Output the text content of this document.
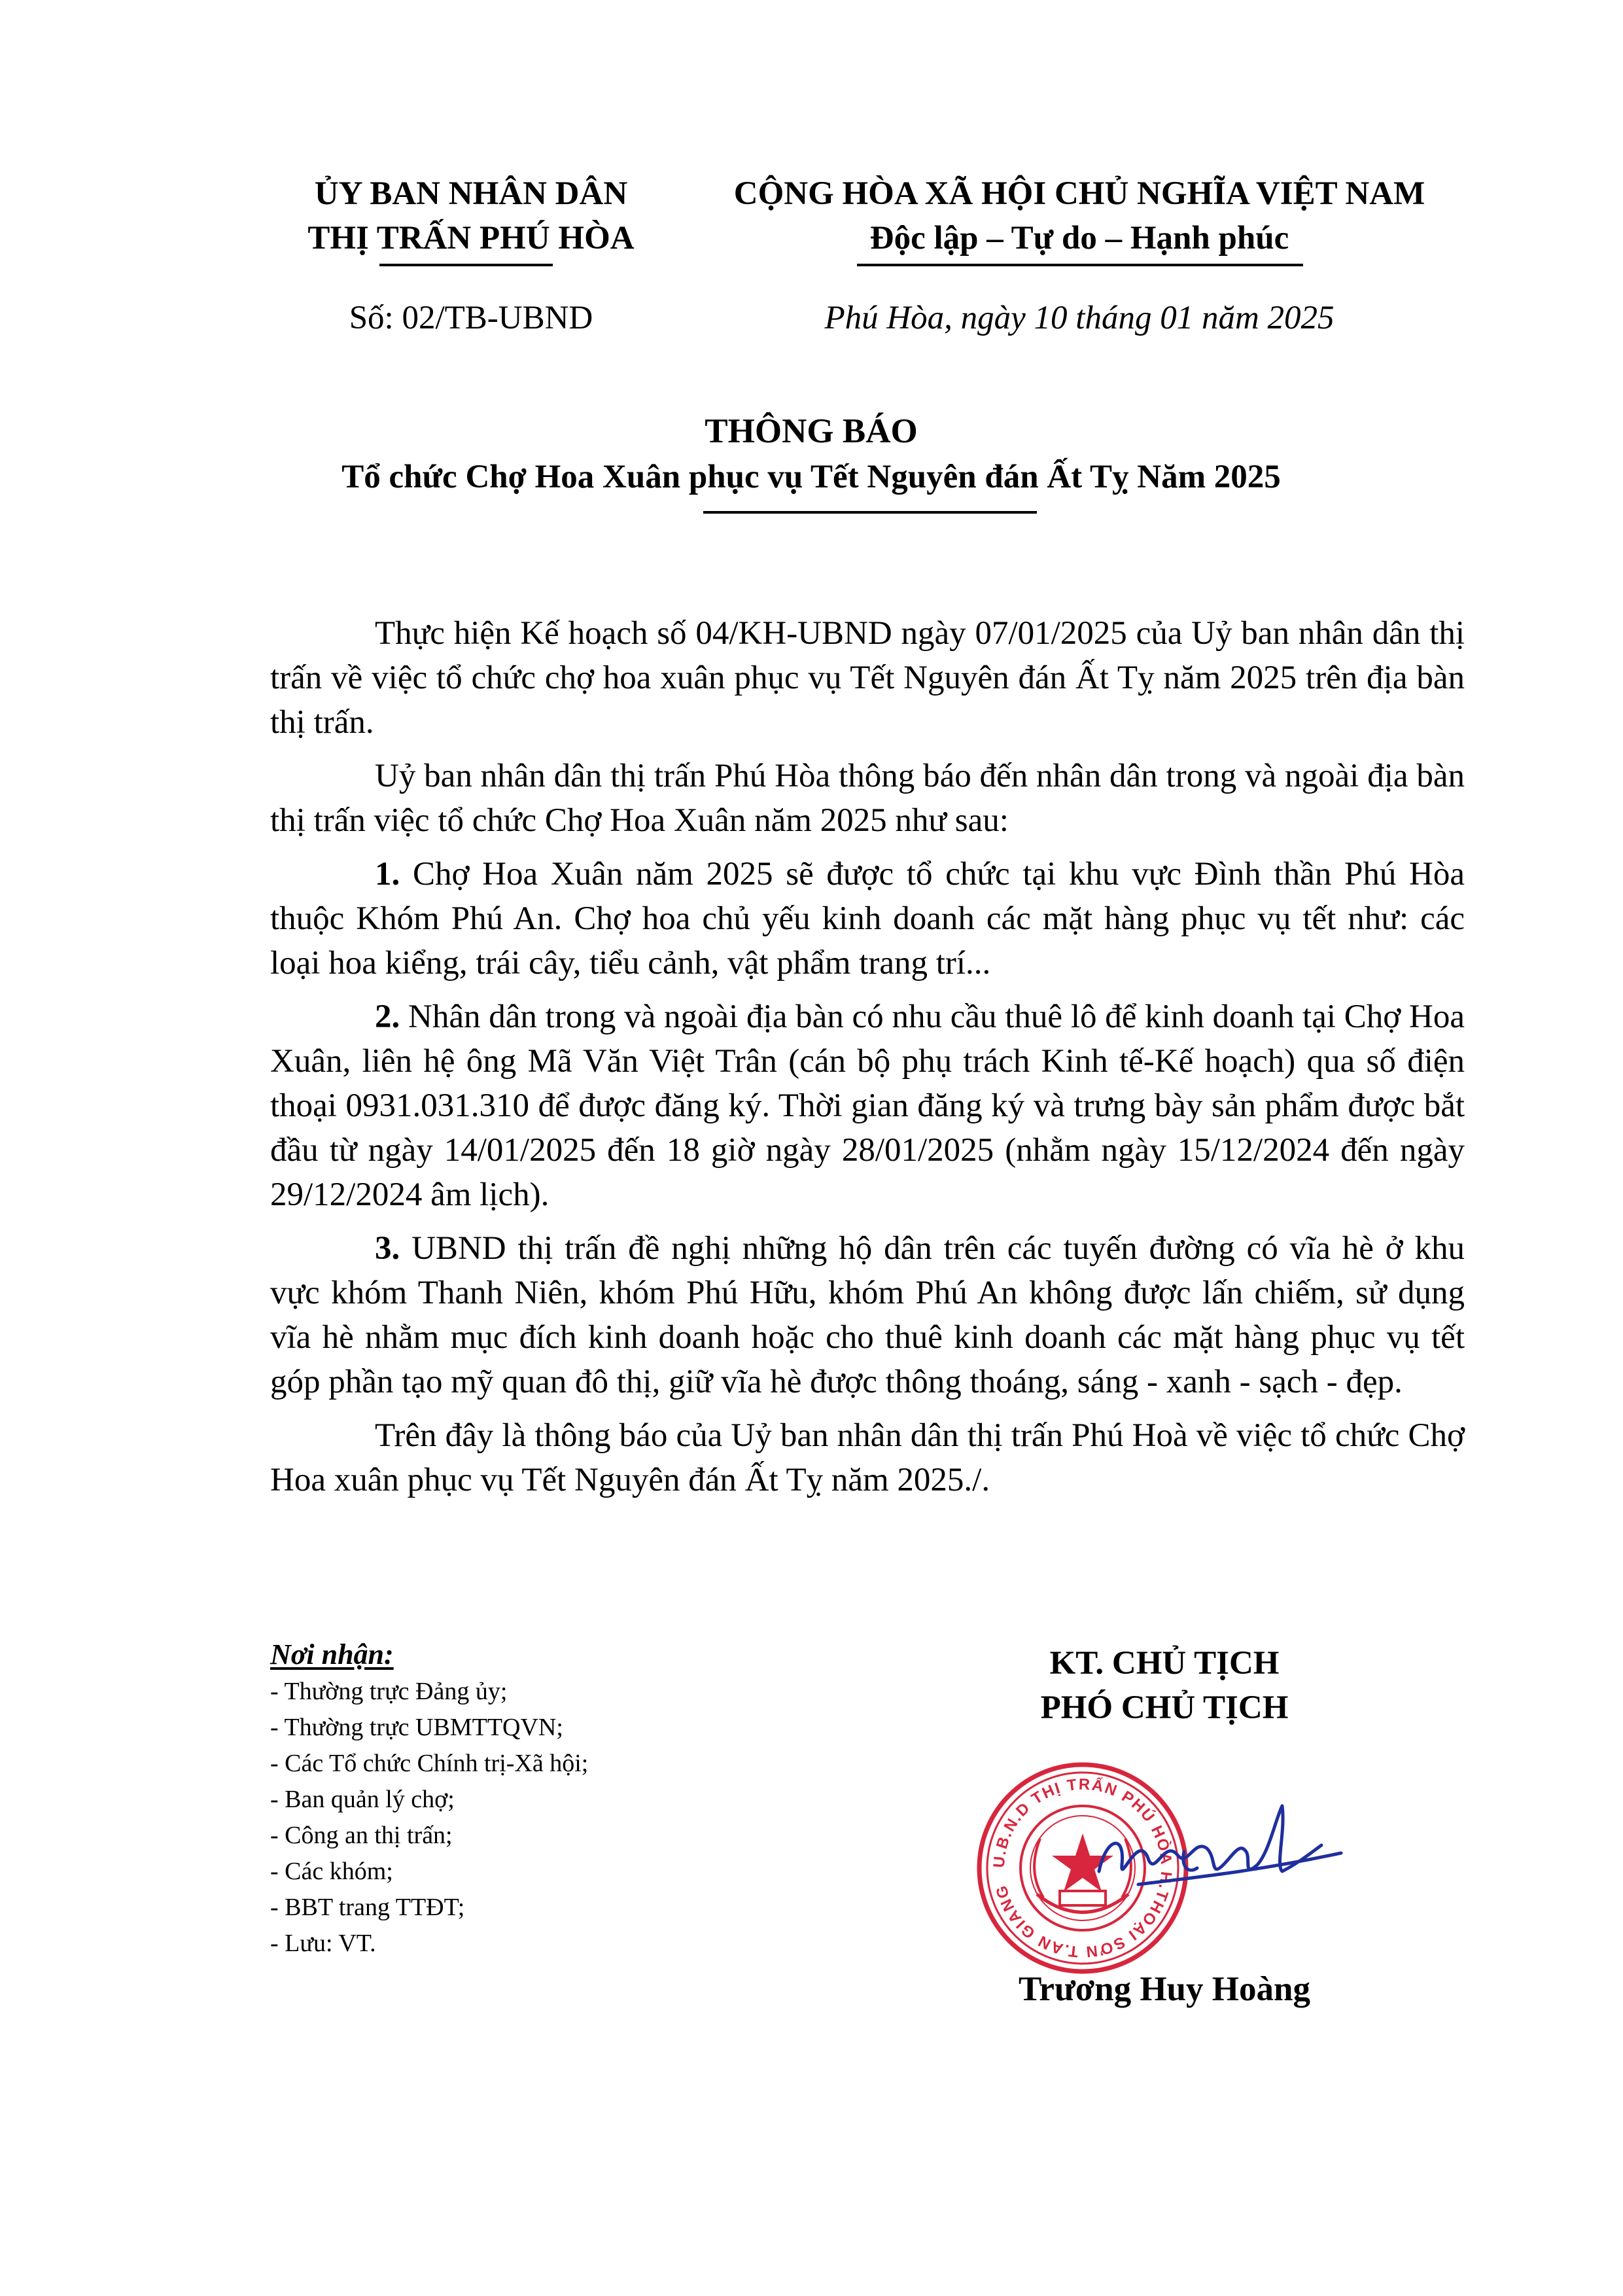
ỦY BAN NHÂN DÂN
THỊ TRẤN PHÚ HÒA
CỘNG HÒA XÃ HỘI CHỦ NGHĨA VIỆT NAM
Độc lập – Tự do – Hạnh phúc
Số: 02/TB-UBND	Phú Hòa, ngày 10 tháng 01 năm 2025
THÔNG BÁO
Tổ chức Chợ Hoa Xuân phục vụ Tết Nguyên đán Ất Tỵ Năm 2025

Thực hiện Kế hoạch số 04/KH-UBND ngày 07/01/2025 của Uỷ ban nhân dân thị trấn về việc tổ chức chợ hoa xuân phục vụ Tết Nguyên đán Ất Tỵ năm 2025 trên địa bàn thị trấn.

Uỷ ban nhân dân thị trấn Phú Hòa thông báo đến nhân dân trong và ngoài địa bàn thị trấn việc tổ chức Chợ Hoa Xuân năm 2025 như sau:

1. Chợ Hoa Xuân năm 2025 sẽ được tổ chức tại khu vực Đình thần Phú Hòa thuộc Khóm Phú An. Chợ hoa chủ yếu kinh doanh các mặt hàng phục vụ tết như: các loại hoa kiểng, trái cây, tiểu cảnh, vật phẩm trang trí...

2. Nhân dân trong và ngoài địa bàn có nhu cầu thuê lô để kinh doanh tại Chợ Hoa Xuân, liên hệ ông Mã Văn Việt Trân (cán bộ phụ trách Kinh tế-Kế hoạch) qua số điện thoại 0931.031.310 để được đăng ký. Thời gian đăng ký và trưng bày sản phẩm được bắt đầu từ ngày 14/01/2025 đến 18 giờ ngày 28/01/2025 (nhằm ngày 15/12/2024 đến ngày 29/12/2024 âm lịch).

3. UBND thị trấn đề nghị những hộ dân trên các tuyến đường có vĩa hè ở khu vực khóm Thanh Niên, khóm Phú Hữu, khóm Phú An không được lấn chiếm, sử dụng vĩa hè nhằm mục đích kinh doanh hoặc cho thuê kinh doanh các mặt hàng phục vụ tết góp phần tạo mỹ quan đô thị, giữ vĩa hè được thông thoáng, sáng - xanh - sạch - đẹp.

Trên đây là thông báo của Uỷ ban nhân dân thị trấn Phú Hoà về việc tổ chức Chợ Hoa xuân phục vụ Tết Nguyên đán Ất Tỵ năm 2025./.

Nơi nhận:
- Thường trực Đảng ủy;
- Thường trực UBMTTQVN;
- Các Tổ chức Chính trị-Xã hội;
- Ban quản lý chợ;
- Công an thị trấn;
- Các khóm;
- BBT trang TTĐT;
- Lưu: VT.
KT. CHỦ TỊCH
PHÓ CHỦ TỊCH
U.B.N.D THỊ TRẤN PHÚ HÒA H.THOẠI SƠN T.AN GIANG
Trương Huy Hoàng
